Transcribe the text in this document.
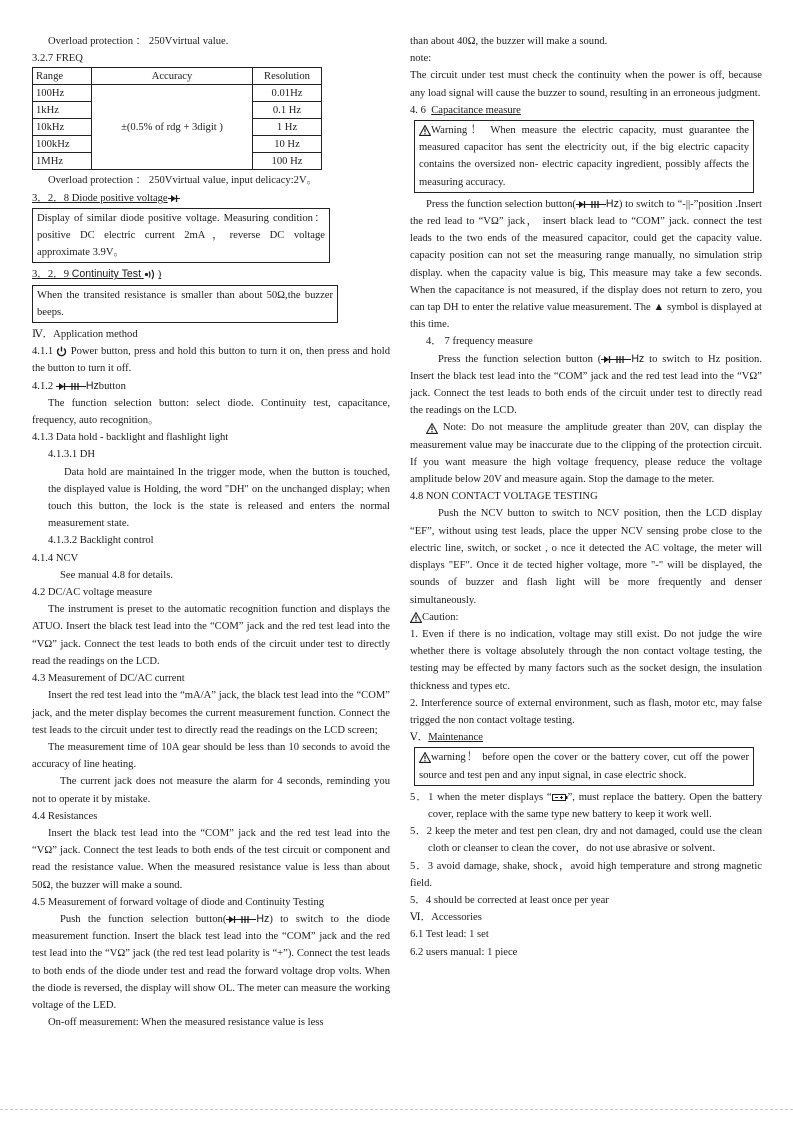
Overload protection ： 250Vvirtual value.

3.2.7 FREQ

Range	Accuracy	Resolution
100Hz	±(0.5% of rdg + 3digit )	0.01Hz
1kHz		0.1 Hz
10kHz		1 Hz
100kHz		10 Hz
1MHz		100 Hz

Overload protection ： 250Vvirtual value, input delicacy:2V。

3．2．8 Diode positive voltage

Display of similar diode positive voltage. Measuring condition：positive DC electric current 2mA，reverse DC voltage approximate 3.9V。

3．2．9 Continuity Test )

When the transited resistance is smaller than about 50Ω,the buzzer beeps.

Ⅳ．Application method

4.1.1 Power button, press and hold this button to turn it on, then press and hold the button to turn it off.

4.1.2	Hzbutton

The function selection button: select diode. Continuity test, capacitance, frequency, auto recognition。

4.1.3 Data hold - backlight and flashlight light

4.1.3.1 DH

Data hold are maintained In the trigger mode, when the button is touched, the displayed value is Holding, the word "DH" on the unchanged display; when touch this button, the lock is the state is released and enters the normal measurement state.

4.1.3.2 Backlight control

4.1.4 NCV

See manual 4.8 for details.

4.2 DC/AC voltage measure

The instrument is preset to the automatic recognition function and displays the ATUO. Insert the black test lead into the “COM” jack and the red test lead into the “VΩ” jack. Connect the test leads to both ends of the circuit under test to directly read the readings on the LCD.

4.3 Measurement of DC/AC current

Insert the red test lead into the “mA/A” jack, the black test lead into the “COM” jack, and the meter display becomes the current measurement function. Connect the test leads to the circuit under test to directly read the readings on the LCD screen;

The measurement time of 10A gear should be less than 10 seconds to avoid the accuracy of line heating.

The current jack does not measure the alarm for 4 seconds, reminding you not to operate it by mistake.

4.4 Resistances

Insert the black test lead into the “COM” jack and the red test lead into the “VΩ” jack. Connect the test leads to both ends of the test circuit or component and read the resistance value. When the measured resistance value is less than about 50Ω, the buzzer will make a sound.

4.5 Measurement of forward voltage of diode and Continuity Testing

Push the function selection button(	Hz) to switch to the diode measurement function. Insert the black test lead into the “COM” jack and the red test lead into the “VΩ” jack (the red test lead polarity is “+”). Connect the test leads to both ends of the diode under test and read the forward voltage drop volts. When the diode is reversed, the display will show OL. The meter can measure the working voltage of the LED.

On-off measurement: When the measured resistance value is less

than about 40Ω, the buzzer will make a sound.

note:

The circuit under test must check the continuity when the power is off, because any load signal will cause the buzzer to sound, resulting in an erroneous judgment.

4. 6 Capacitance measure

Warning！ When measure the electric capacity, must guarantee the measured capacitor has sent the electricity out, if the big electric capacity contains the oversized non- electric capacity ingredient, possibly affects the measuring accuracy.

Press the function selection button(	Hz) to switch to “-||-”position .Insert the red lead to “VΩ” jack， insert black lead to “COM” jack. connect the test leads to the two ends of the measured capacitor, could get the capacity value. capacity position can not set the measuring range manually, no simulation strip display. when the capacity value is big, This measure may take a few seconds. When the capacitance is not measured, if the display does not return to zero, you can tap DH to enter the relative value measurement. The ▲ symbol is displayed at this time.

4． 7 frequency measure

Press the function selection button (	Hz to switch to Hz position. Insert the black test lead into the “COM” jack and the red test lead into the “VΩ” jack. Connect the test leads to both ends of the circuit under test to directly read the readings on the LCD.

Note: Do not measure the amplitude greater than 20V, can display the measurement value may be inaccurate due to the clipping of the protection circuit. If you want measure the high voltage frequency, please reduce the voltage amplitude below 20V and measure again. Stop the damage to the meter.

4.8 NON CONTACT VOLTAGE TESTING

Push the NCV button to switch to NCV position, then the LCD display “EF”, without using test leads, place the upper NCV sensing probe close to the electric line, switch, or socket , o nce it detected the AC voltage, the meter will displays "EF". Once it de tected higher voltage, more "-" will be displayed, the sounds of buzzer and flash light will be more frequently and denser simultaneously.

Caution:

1. Even if there is no indication, voltage may still exist. Do not judge the wire whether there is voltage absolutely through the non contact voltage testing, the testing may be effected by many factors such as the socket design, the insulation thickness and types etc.

2. Interference source of external environment, such as flash, motor etc, may false trigged the non contact voltage testing.

Ⅴ．Maintenance

warning！ before open the cover or the battery cover, cut off the power source and test pen and any input signal, in case electric shock.

5．1 when the meter displays “ ”, must replace the battery. Open the battery cover, replace with the same type new battery to keep it work well.

5．2 keep the meter and test pen clean, dry and not damaged, could use the clean cloth or cleanser to clean the cover，do not use abrasive or solvent.

5．3 avoid damage, shake, shock，avoid high temperature and strong magnetic field.

5．4 should be corrected at least once per year

Ⅵ．Accessories

6.1 Test lead: 1 set

6.2 users manual: 1 piece
